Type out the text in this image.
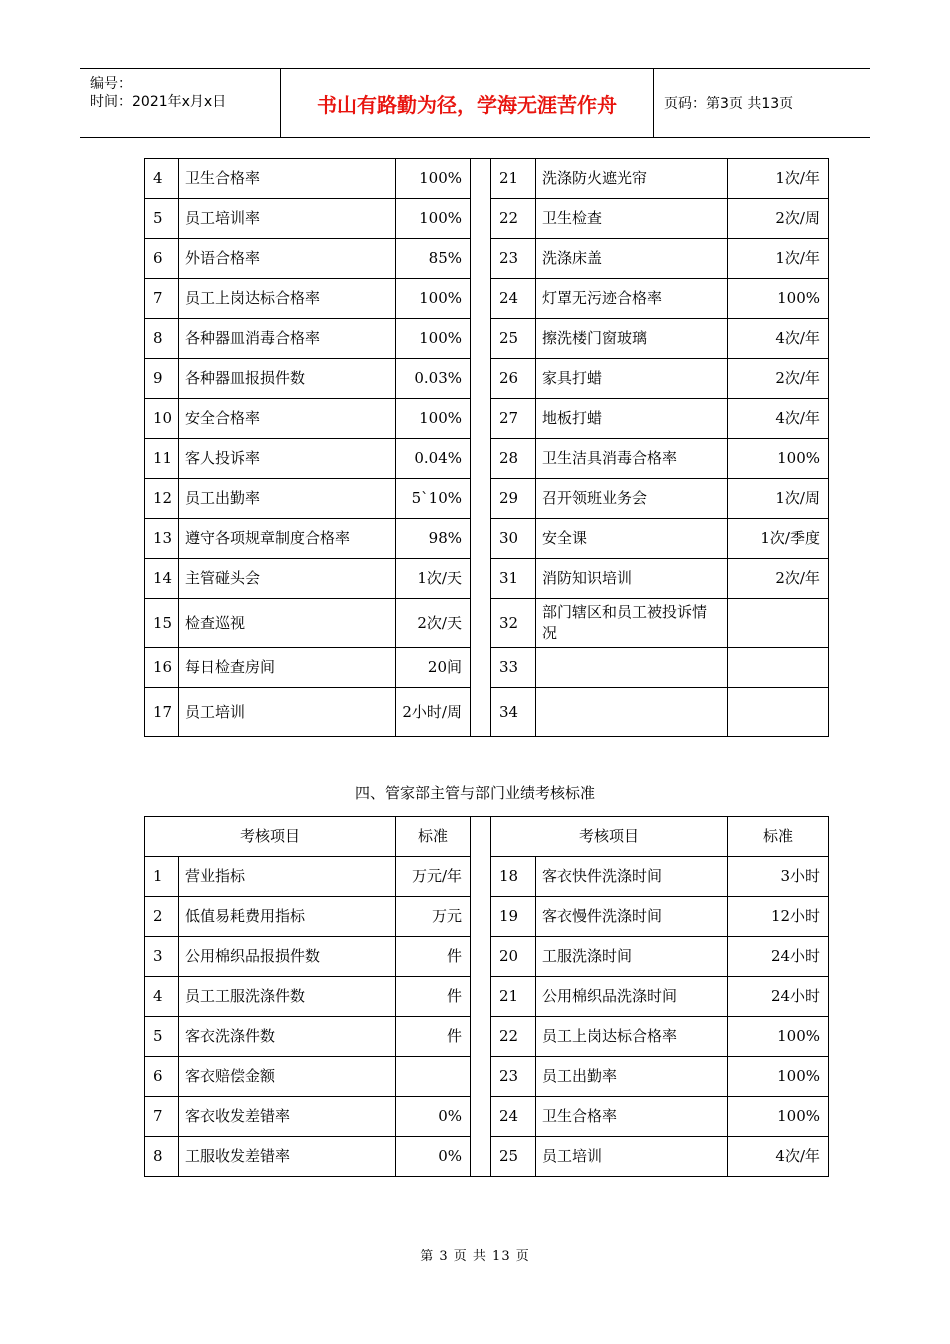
编号：
时间：2021年x月x日	书山有路勤为径，学海无涯苦作舟	页码：第3页 共13页
4	卫生合格率	100%		21	洗涤防火遮光帘	1次/年
5	员工培训率	100%		22	卫生检查	2次/周
6	外语合格率	85%		23	洗涤床盖	1次/年
7	员工上岗达标合格率	100%		24	灯罩无污迹合格率	100%
8	各种器皿消毒合格率	100%		25	擦洗楼门窗玻璃	4次/年
9	各种器皿报损件数	0.03%		26	家具打蜡	2次/年
10	安全合格率	100%		27	地板打蜡	4次/年
11	客人投诉率	0.04%		28	卫生洁具消毒合格率	100%
12	员工出勤率	5`10%		29	召开领班业务会	1次/周
13	遵守各项规章制度合格率	98%		30	安全课	1次/季度
14	主管碰头会	1次/天		31	消防知识培训	2次/年
15	检查巡视	2次/天		32	部门辖区和员工被投诉情况	
16	每日检查房间	20间		33		
17	员工培训	2小时/周		34		
四、管家部主管与部门业绩考核标准
考核项目		标准		考核项目		标准
1	营业指标	万元/年		18	客衣快件洗涤时间	3小时
2	低值易耗费用指标	万元		19	客衣慢件洗涤时间	12小时
3	公用棉织品报损件数	件		20	工服洗涤时间	24小时
4	员工工服洗涤件数	件		21	公用棉织品洗涤时间	24小时
5	客衣洗涤件数	件		22	员工上岗达标合格率	100%
6	客衣赔偿金额			23	员工出勤率	100%
7	客衣收发差错率	0%		24	卫生合格率	100%
8	工服收发差错率	0%		25	员工培训	4次/年
第 3 页 共 13 页
